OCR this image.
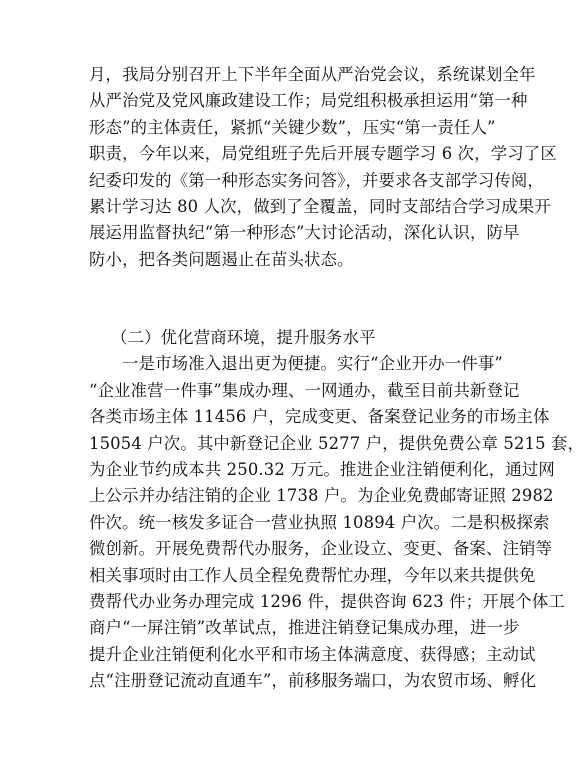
月，我局分别召开上下半年全面从严治党会议，系统谋划全年
从严治党及党风廉政建设工作；局党组积极承担运用“第一种
形态”的主体责任，紧抓“关键少数”，压实“第一责任人”
职责，今年以来，局党组班子先后开展专题学习 6 次，学习了区
纪委印发的《第一种形态实务问答》，并要求各支部学习传阅，
累计学习达 80 人次，做到了全覆盖，同时支部结合学习成果开
展运用监督执纪“第一种形态”大讨论活动，深化认识，防早
防小，把各类问题遏止在苗头状态。
（二）优化营商环境，提升服务水平
一是市场准入退出更为便捷。实行“企业开办一件事”
“企业准营一件事”集成办理、一网通办，截至目前共新登记
各类市场主体 11456 户，完成变更、备案登记业务的市场主体
15054 户次。其中新登记企业 5277 户，提供免费公章 5215 套，
为企业节约成本共 250.32 万元。推进企业注销便利化，通过网
上公示并办结注销的企业 1738 户。为企业免费邮寄证照 2982
件次。统一核发多证合一营业执照 10894 户次。二是积极探索
微创新。开展免费帮代办服务，企业设立、变更、备案、注销等
相关事项时由工作人员全程免费帮忙办理，今年以来共提供免
费帮代办业务办理完成 1296 件，提供咨询 623 件；开展个体工
商户“一屏注销”改革试点，推进注销登记集成办理，进一步
提升企业注销便利化水平和市场主体满意度、获得感；主动试
点“注册登记流动直通车”，前移服务端口，为农贸市场、孵化
